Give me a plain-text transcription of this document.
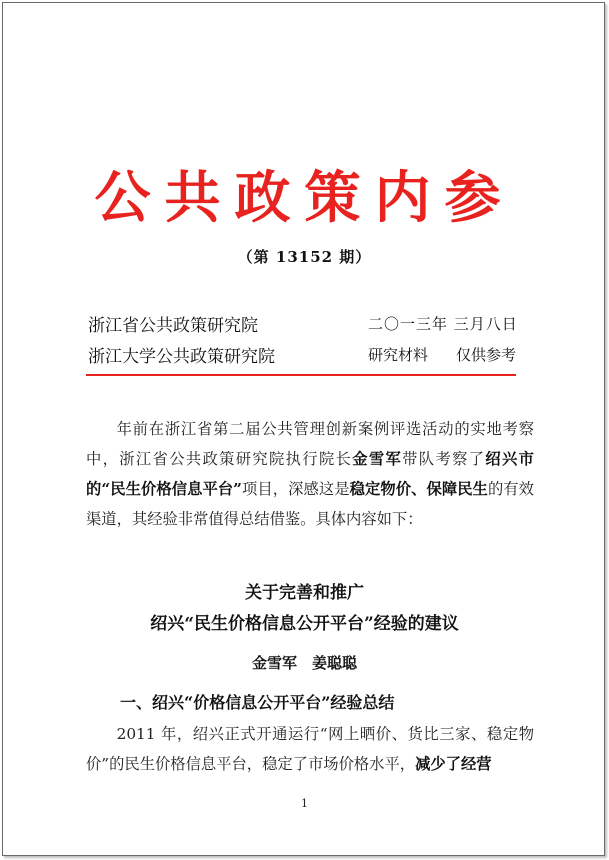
公共政策内参
（第 13152 期）
浙江省公共政策研究院	二〇一三年 三月八日
浙江大学公共政策研究院	研究材料 仅供参考
年前在浙江省第二届公共管理创新案例评选活动的实地考察中，浙江省公共政策研究院执行院长金雪军带队考察了绍兴市的“民生价格信息平台”项目，深感这是稳定物价、保障民生的有效渠道，其经验非常值得总结借鉴。具体内容如下：
关于完善和推广
绍兴“民生价格信息公开平台”经验的建议
金雪军　姜聪聪
一、绍兴“价格信息公开平台”经验总结
2011 年，绍兴正式开通运行“网上晒价、货比三家、稳定物价”的民生价格信息平台，稳定了市场价格水平，减少了经营
1
